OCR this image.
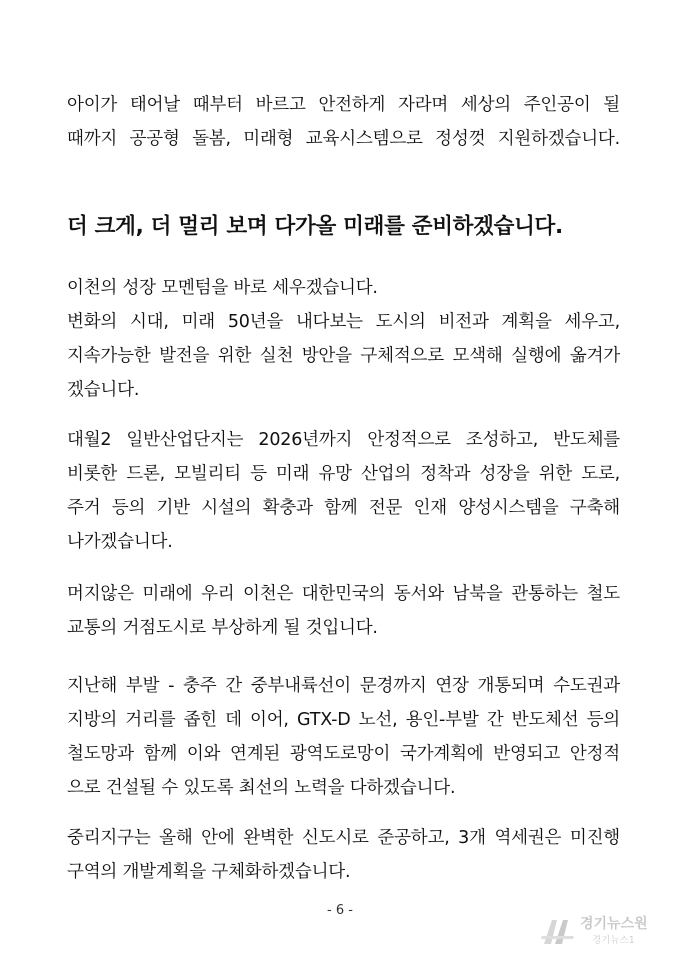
아이가 태어날 때부터 바르고 안전하게 자라며 세상의 주인공이 될
때까지 공공형 돌봄, 미래형 교육시스템으로 정성껏 지원하겠습니다.
더 크게, 더 멀리 보며 다가올 미래를 준비하겠습니다.
이천의 성장 모멘텀을 바로 세우겠습니다.
변화의 시대, 미래 50년을 내다보는 도시의 비전과 계획을 세우고,
지속가능한 발전을 위한 실천 방안을 구체적으로 모색해 실행에 옮겨가
겠습니다.
대월2 일반산업단지는 2026년까지 안정적으로 조성하고, 반도체를
비롯한 드론, 모빌리티 등 미래 유망 산업의 정착과 성장을 위한 도로,
주거 등의 기반 시설의 확충과 함께 전문 인재 양성시스템을 구축해
나가겠습니다.
머지않은 미래에 우리 이천은 대한민국의 동서와 남북을 관통하는 철도
교통의 거점도시로 부상하게 될 것입니다.
지난해 부발 - 충주 간 중부내륙선이 문경까지 연장 개통되며 수도권과
지방의 거리를 좁힌 데 이어, GTX-D 노선, 용인-부발 간 반도체선 등의
철도망과 함께 이와 연계된 광역도로망이 국가계획에 반영되고 안정적
으로 건설될 수 있도록 최선의 노력을 다하겠습니다.
중리지구는 올해 안에 완벽한 신도시로 준공하고, 3개 역세권은 미진행
구역의 개발계획을 구체화하겠습니다.
- 6 -
경기뉴스원
경기뉴스1
